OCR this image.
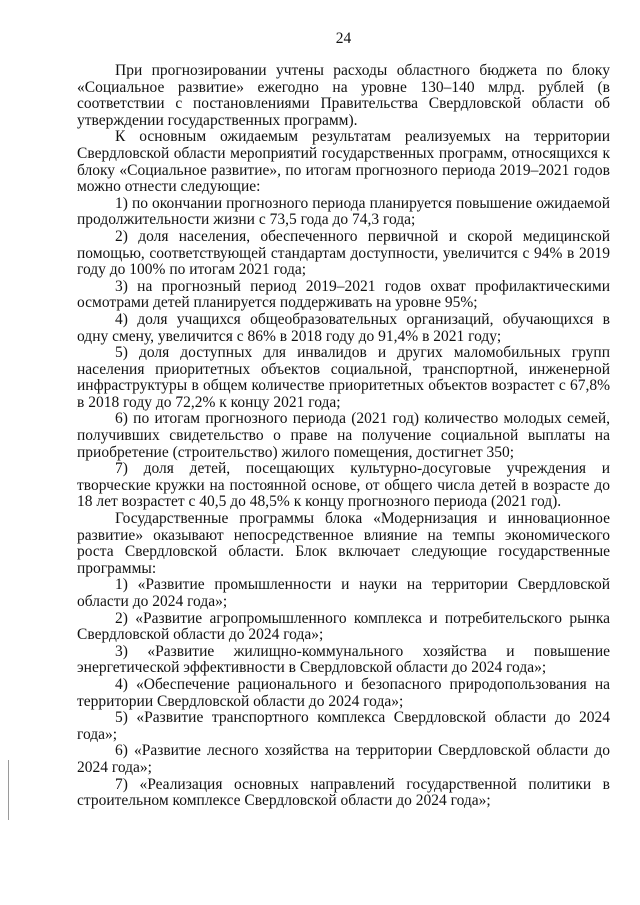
24

При прогнозировании учтены расходы областного бюджета по блоку «Социальное развитие» ежегодно на уровне 130–140 млрд. рублей (в соответствии с постановлениями Правительства Свердловской области об утверждении государственных программ).

К основным ожидаемым результатам реализуемых на территории Свердловской области мероприятий государственных программ, относящихся к блоку «Социальное развитие», по итогам прогнозного периода 2019–2021 годов можно отнести следующие:

1) по окончании прогнозного периода планируется повышение ожидаемой продолжительности жизни с 73,5 года до 74,3 года;

2) доля населения, обеспеченного первичной и скорой медицинской помощью, соответствующей стандартам доступности, увеличится с 94% в 2019 году до 100% по итогам 2021 года;

3) на прогнозный период 2019–2021 годов охват профилактическими осмотрами детей планируется поддерживать на уровне 95%;

4) доля учащихся общеобразовательных организаций, обучающихся в одну смену, увеличится с 86% в 2018 году до 91,4% в 2021 году;

5) доля доступных для инвалидов и других маломобильных групп населения приоритетных объектов социальной, транспортной, инженерной инфраструктуры в общем количестве приоритетных объектов возрастет с 67,8% в 2018 году до 72,2% к концу 2021 года;

6) по итогам прогнозного периода (2021 год) количество молодых семей, получивших свидетельство о праве на получение социальной выплаты на приобретение (строительство) жилого помещения, достигнет 350;

7) доля детей, посещающих культурно-досуговые учреждения и творческие кружки на постоянной основе, от общего числа детей в возрасте до 18 лет возрастет с 40,5 до 48,5% к концу прогнозного периода (2021 год).

Государственные программы блока «Модернизация и инновационное развитие» оказывают непосредственное влияние на темпы экономического роста Свердловской области. Блок включает следующие государственные программы:

1) «Развитие промышленности и науки на территории Свердловской области до 2024 года»;

2) «Развитие агропромышленного комплекса и потребительского рынка Свердловской области до 2024 года»;

3) «Развитие жилищно-коммунального хозяйства и повышение энергетической эффективности в Свердловской области до 2024 года»;

4) «Обеспечение рационального и безопасного природопользования на территории Свердловской области до 2024 года»;

5) «Развитие транспортного комплекса Свердловской области до 2024 года»;

6) «Развитие лесного хозяйства на территории Свердловской области до 2024 года»;

7) «Реализация основных направлений государственной политики в строительном комплексе Свердловской области до 2024 года»;
